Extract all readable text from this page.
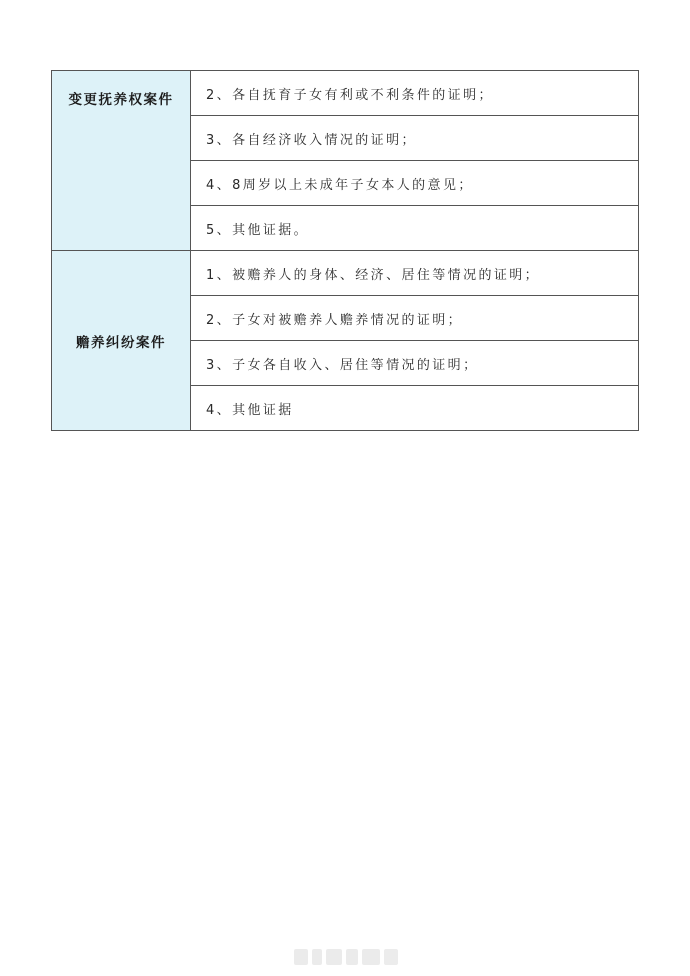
变更抚养权案件	2、各自抚育子女有利或不利条件的证明；
	3、各自经济收入情况的证明；
	4、8周岁以上未成年子女本人的意见；
	5、其他证据。
赡养纠纷案件	1、被赡养人的身体、经济、居住等情况的证明；
	2、子女对被赡养人赡养情况的证明；
	3、子女各自收入、居住等情况的证明；
	4、其他证据
